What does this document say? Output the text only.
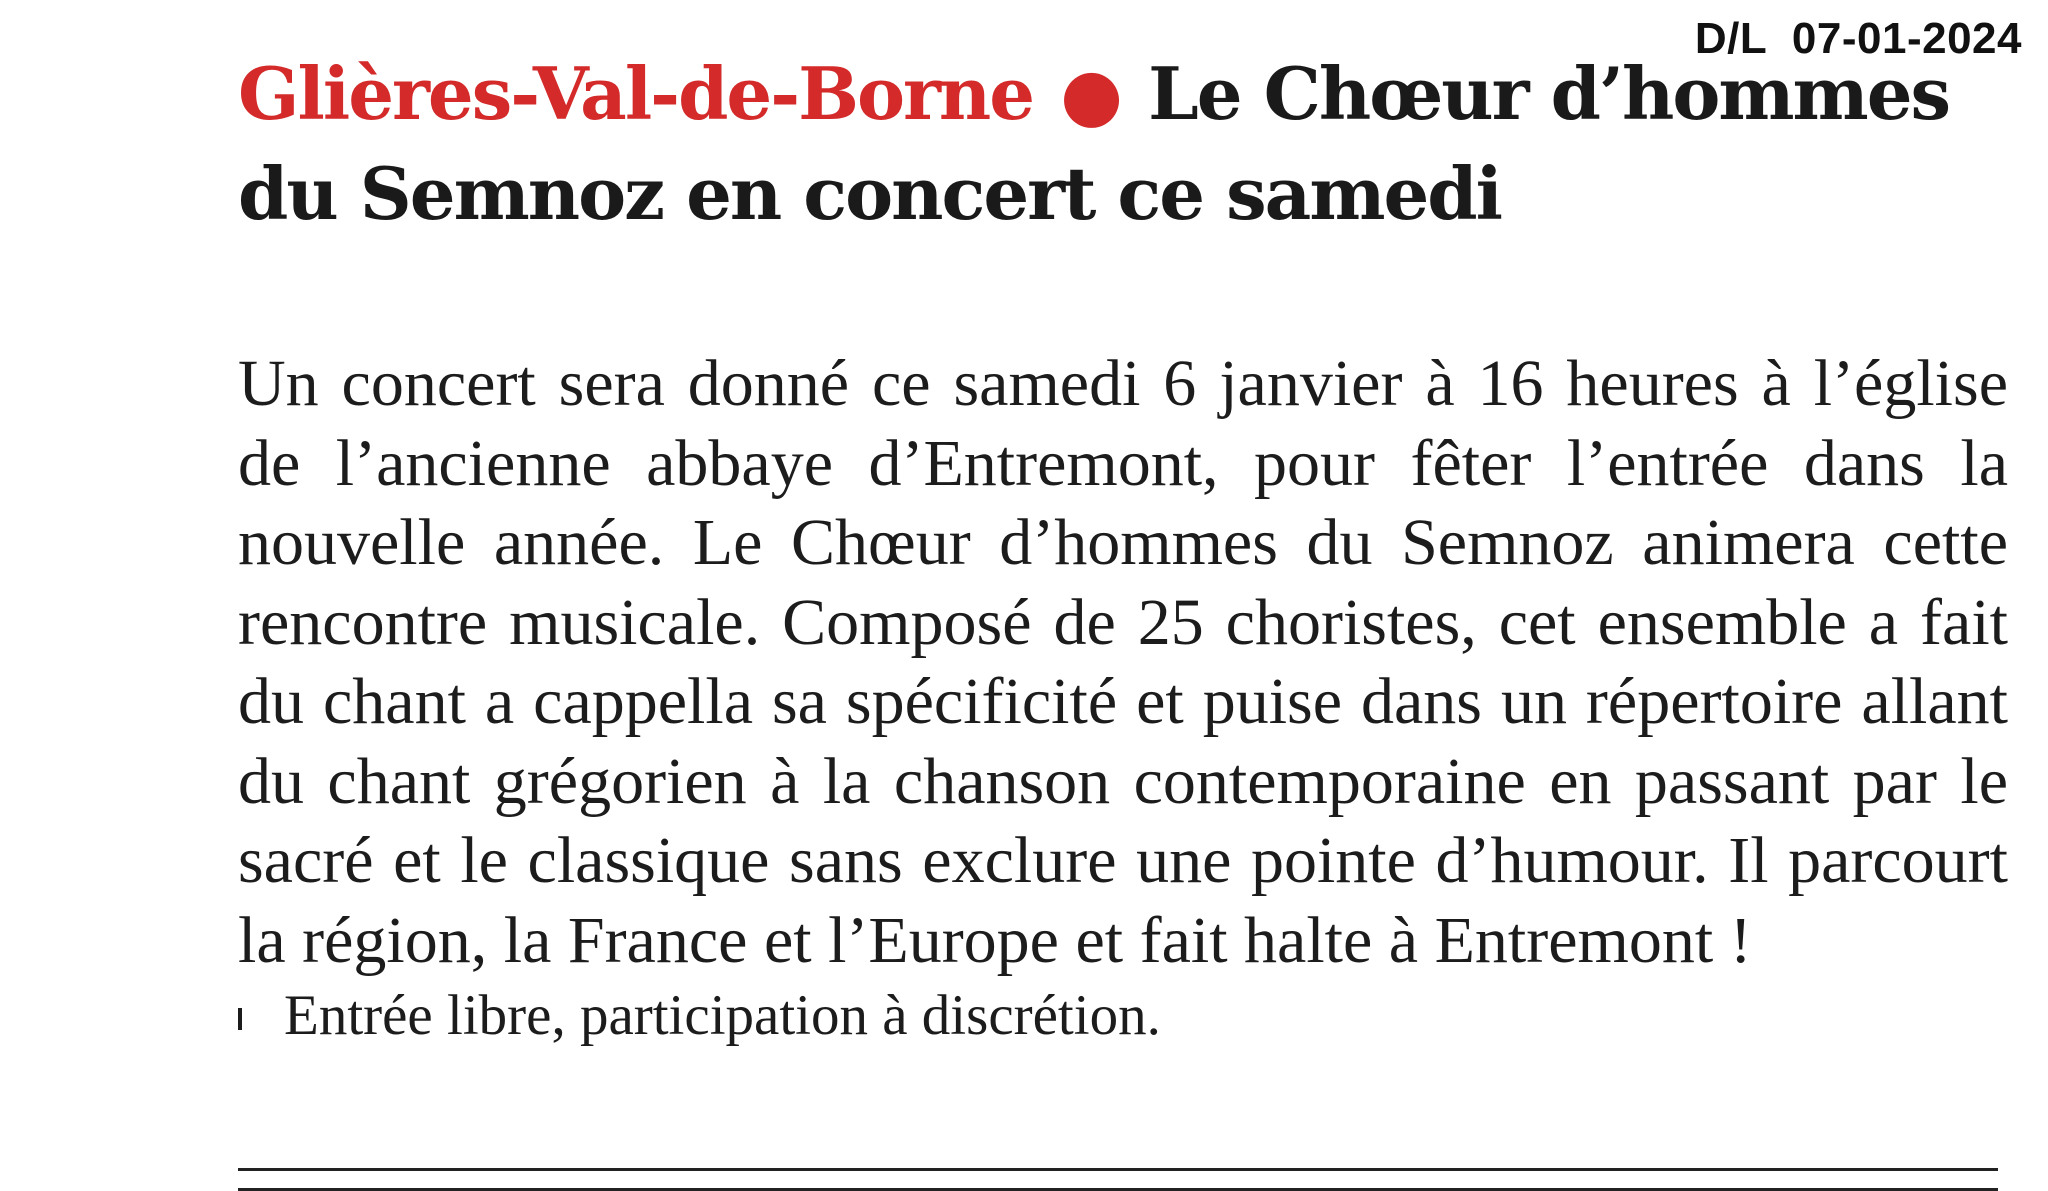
D/L  07-01-2024
Glières-Val-de-Borne ● Le Chœur d’hommes du Semnoz en concert ce samedi

Un concert sera donné ce samedi 6 janvier à 16 heures à l’église de l’ancienne abbaye d’Entremont, pour fêter l’entrée dans la nouvelle année. Le Chœur d’hommes du Semnoz animera cette rencontre musicale. Composé de 25 choristes, cet ensemble a fait du chant a cappella sa spécificité et puise dans un répertoire allant du chant grégorien à la chanson contemporaine en passant par le sacré et le classique sans exclure une pointe d’humour. Il parcourt la région, la France et l’Europe et fait halte à Entremont !

Entrée libre, participation à discrétion.
